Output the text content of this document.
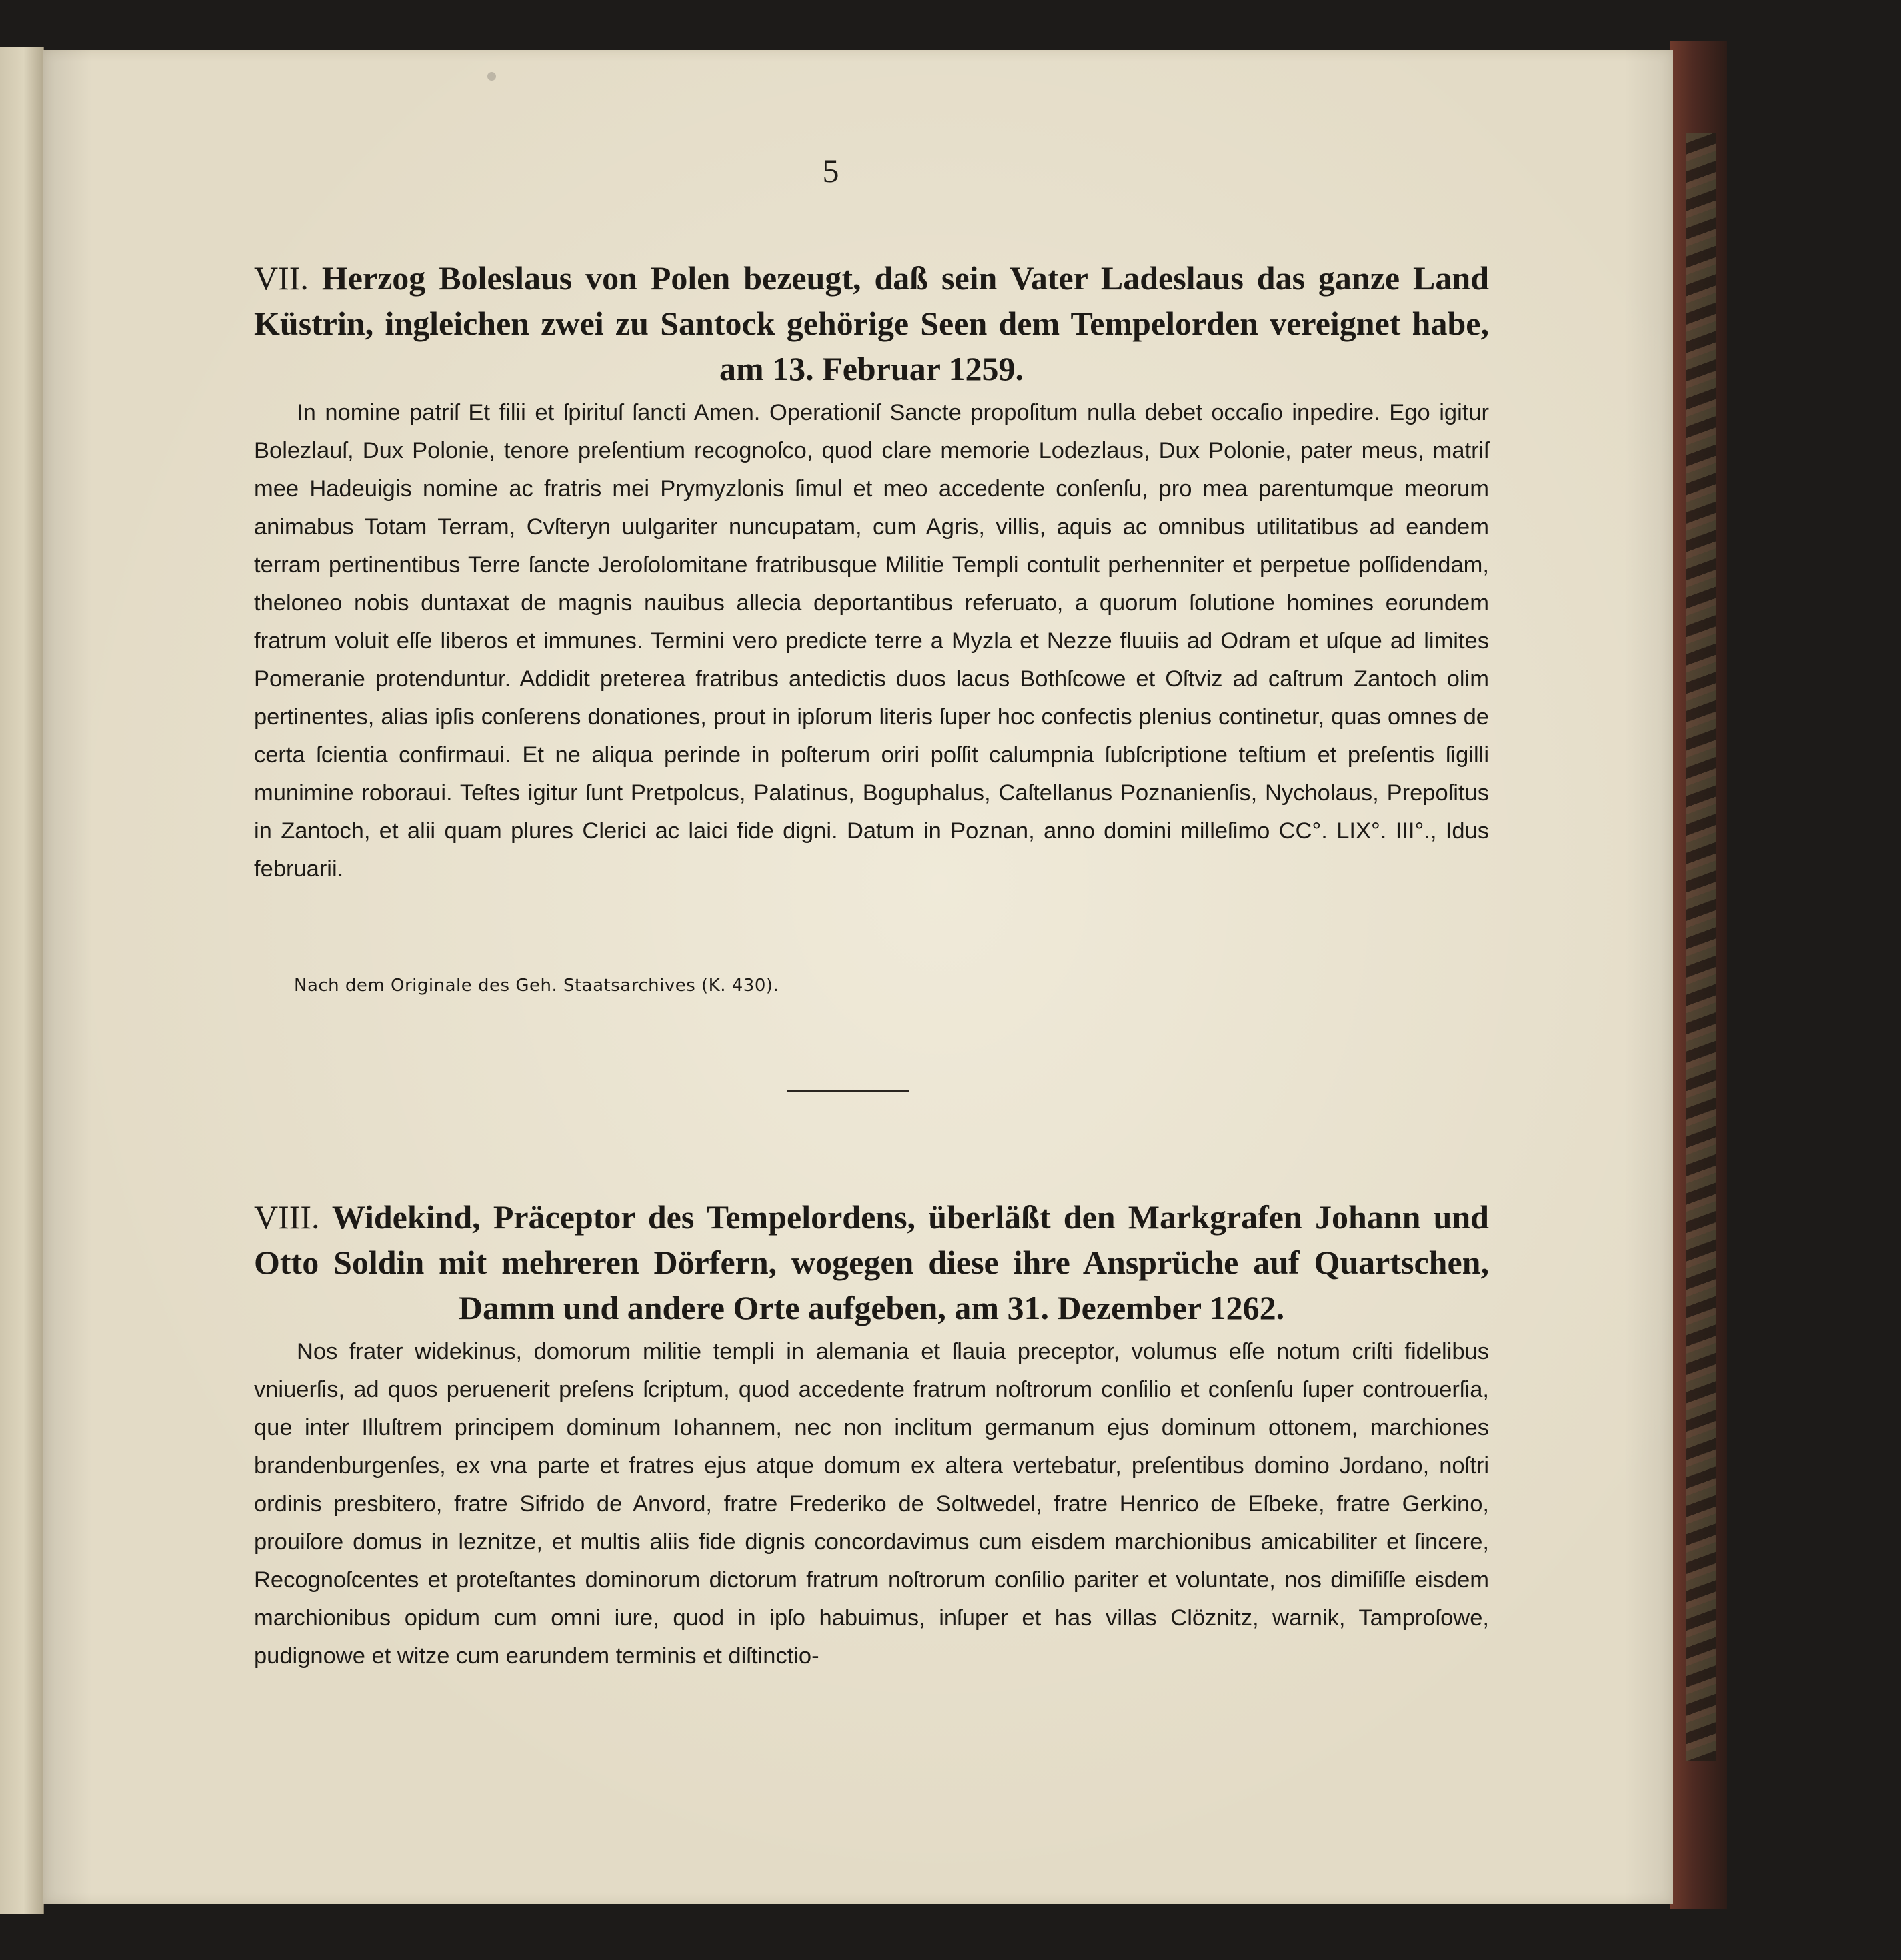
5
VII. Herzog Boleslaus von Polen bezeugt, daß sein Vater Ladeslaus das ganze Land Küstrin, ingleichen zwei zu Santock gehörige Seen dem Tempelorden vereignet habe, am 13. Februar 1259.

In nomine patriſ Et filii et ſpirituſ ſancti Amen. Operationiſ Sancte propoſitum nulla debet occaſio inpedire. Ego igitur Bolezlauſ, Dux Polonie, tenore preſentium recognoſco, quod clare memorie Lodezlaus, Dux Polonie, pater meus, matriſ mee Hadeuigis nomine ac fratris mei Prymyzlonis ſimul et meo accedente conſenſu, pro mea parentumque meorum animabus Totam Terram, Cvſteryn uulgariter nuncupatam, cum Agris, villis, aquis ac omnibus utilitatibus ad eandem terram pertinentibus Terre ſancte Jeroſolomitane fratribusque Militie Templi contulit perhenniter et perpetue poſſidendam, theloneo nobis duntaxat de magnis nauibus allecia deportantibus referuato, a quorum ſolutione homines eorundem fratrum voluit eſſe liberos et immunes. Termini vero predicte terre a Myzla et Nezze fluuiis ad Odram et uſque ad limites Pomeranie protenduntur. Addidit preterea fratribus antedictis duos lacus Bothſcowe et Oſtviz ad caſtrum Zantoch olim pertinentes, alias ipſis conſerens donationes, prout in ipſorum literis ſuper hoc confectis plenius continetur, quas omnes de certa ſcientia confirmaui. Et ne aliqua perinde in poſterum oriri poſſit calumpnia ſubſcriptione teſtium et preſentis ſigilli munimine roboraui. Teſtes igitur ſunt Pretpolcus, Palatinus, Boguphalus, Caſtellanus Poznanienſis, Nycholaus, Prepoſitus in Zantoch, et alii quam plures Clerici ac laici fide digni. Datum in Poznan, anno domini milleſimo CC°. LIX°. III°., Idus februarii.

Nach dem Originale des Geh. Staatsarchives (K. 430).
VIII. Widekind, Präceptor des Tempelordens, überläßt den Markgrafen Johann und Otto Soldin mit mehreren Dörfern, wogegen diese ihre Ansprüche auf Quartschen, Damm und andere Orte aufgeben, am 31. Dezember 1262.

Nos frater widekinus, domorum militie templi in alemania et ſlauia preceptor, volumus eſſe notum criſti fidelibus vniuerſis, ad quos peruenerit preſens ſcriptum, quod accedente fratrum noſtrorum conſilio et conſenſu ſuper controuerſia, que inter Illuſtrem principem dominum Iohannem, nec non inclitum germanum ejus dominum ottonem, marchiones brandenburgenſes, ex vna parte et fratres ejus atque domum ex altera vertebatur, preſentibus domino Jordano, noſtri ordinis presbitero, fratre Sifrido de Anvord, fratre Frederiko de Soltwedel, fratre Henrico de Eſbeke, fratre Gerkino, prouiſore domus in leznitze, et multis aliis fide dignis concordavimus cum eisdem marchionibus amicabiliter et ſincere, Recognoſcentes et proteſtantes dominorum dictorum fratrum noſtrorum conſilio pariter et voluntate, nos dimiſiſſe eisdem marchionibus opidum cum omni iure, quod in ipſo habuimus, inſuper et has villas Clöznitz, warnik, Tamproſowe, pudignowe et witze cum earundem terminis et diſtinctio-
